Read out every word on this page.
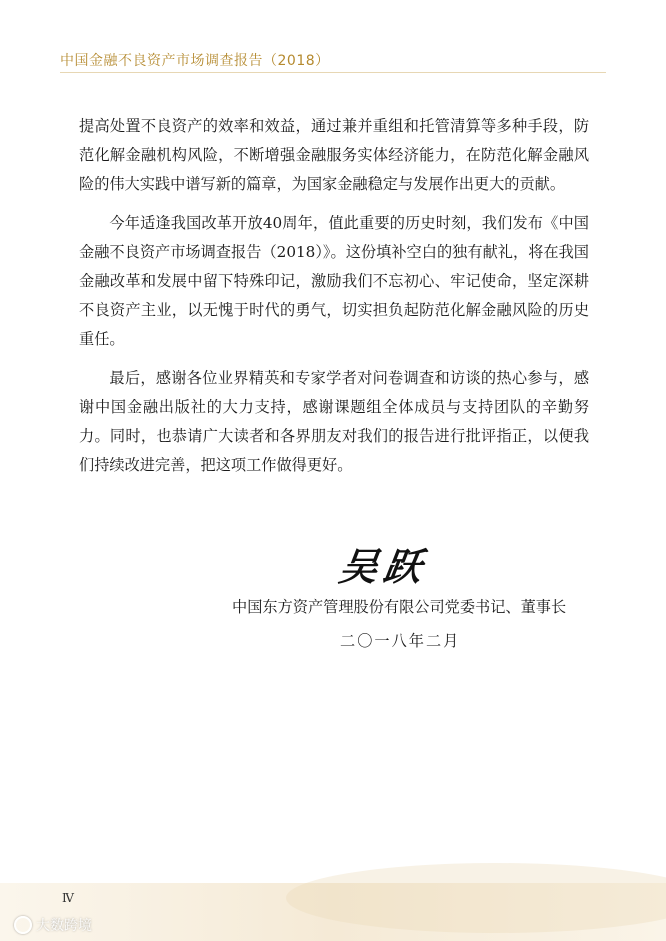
中国金融不良资产市场调查报告（2018）

提高处置不良资产的效率和效益，通过兼并重组和托管清算等多种手段，防范化解金融机构风险，不断增强金融服务实体经济能力，在防范化解金融风险的伟大实践中谱写新的篇章，为国家金融稳定与发展作出更大的贡献。

今年适逢我国改革开放40周年，值此重要的历史时刻，我们发布《中国金融不良资产市场调查报告（2018）》。这份填补空白的独有献礼，将在我国金融改革和发展中留下特殊印记，激励我们不忘初心、牢记使命，坚定深耕不良资产主业，以无愧于时代的勇气，切实担负起防范化解金融风险的历史重任。

最后，感谢各位业界精英和专家学者对问卷调查和访谈的热心参与，感谢中国金融出版社的大力支持，感谢课题组全体成员与支持团队的辛勤努力。同时，也恭请广大读者和各界朋友对我们的报告进行批评指正，以便我们持续改进完善，把这项工作做得更好。

吴跃
中国东方资产管理股份有限公司党委书记、董事长
二〇一八年二月
Ⅳ
大数跨境
